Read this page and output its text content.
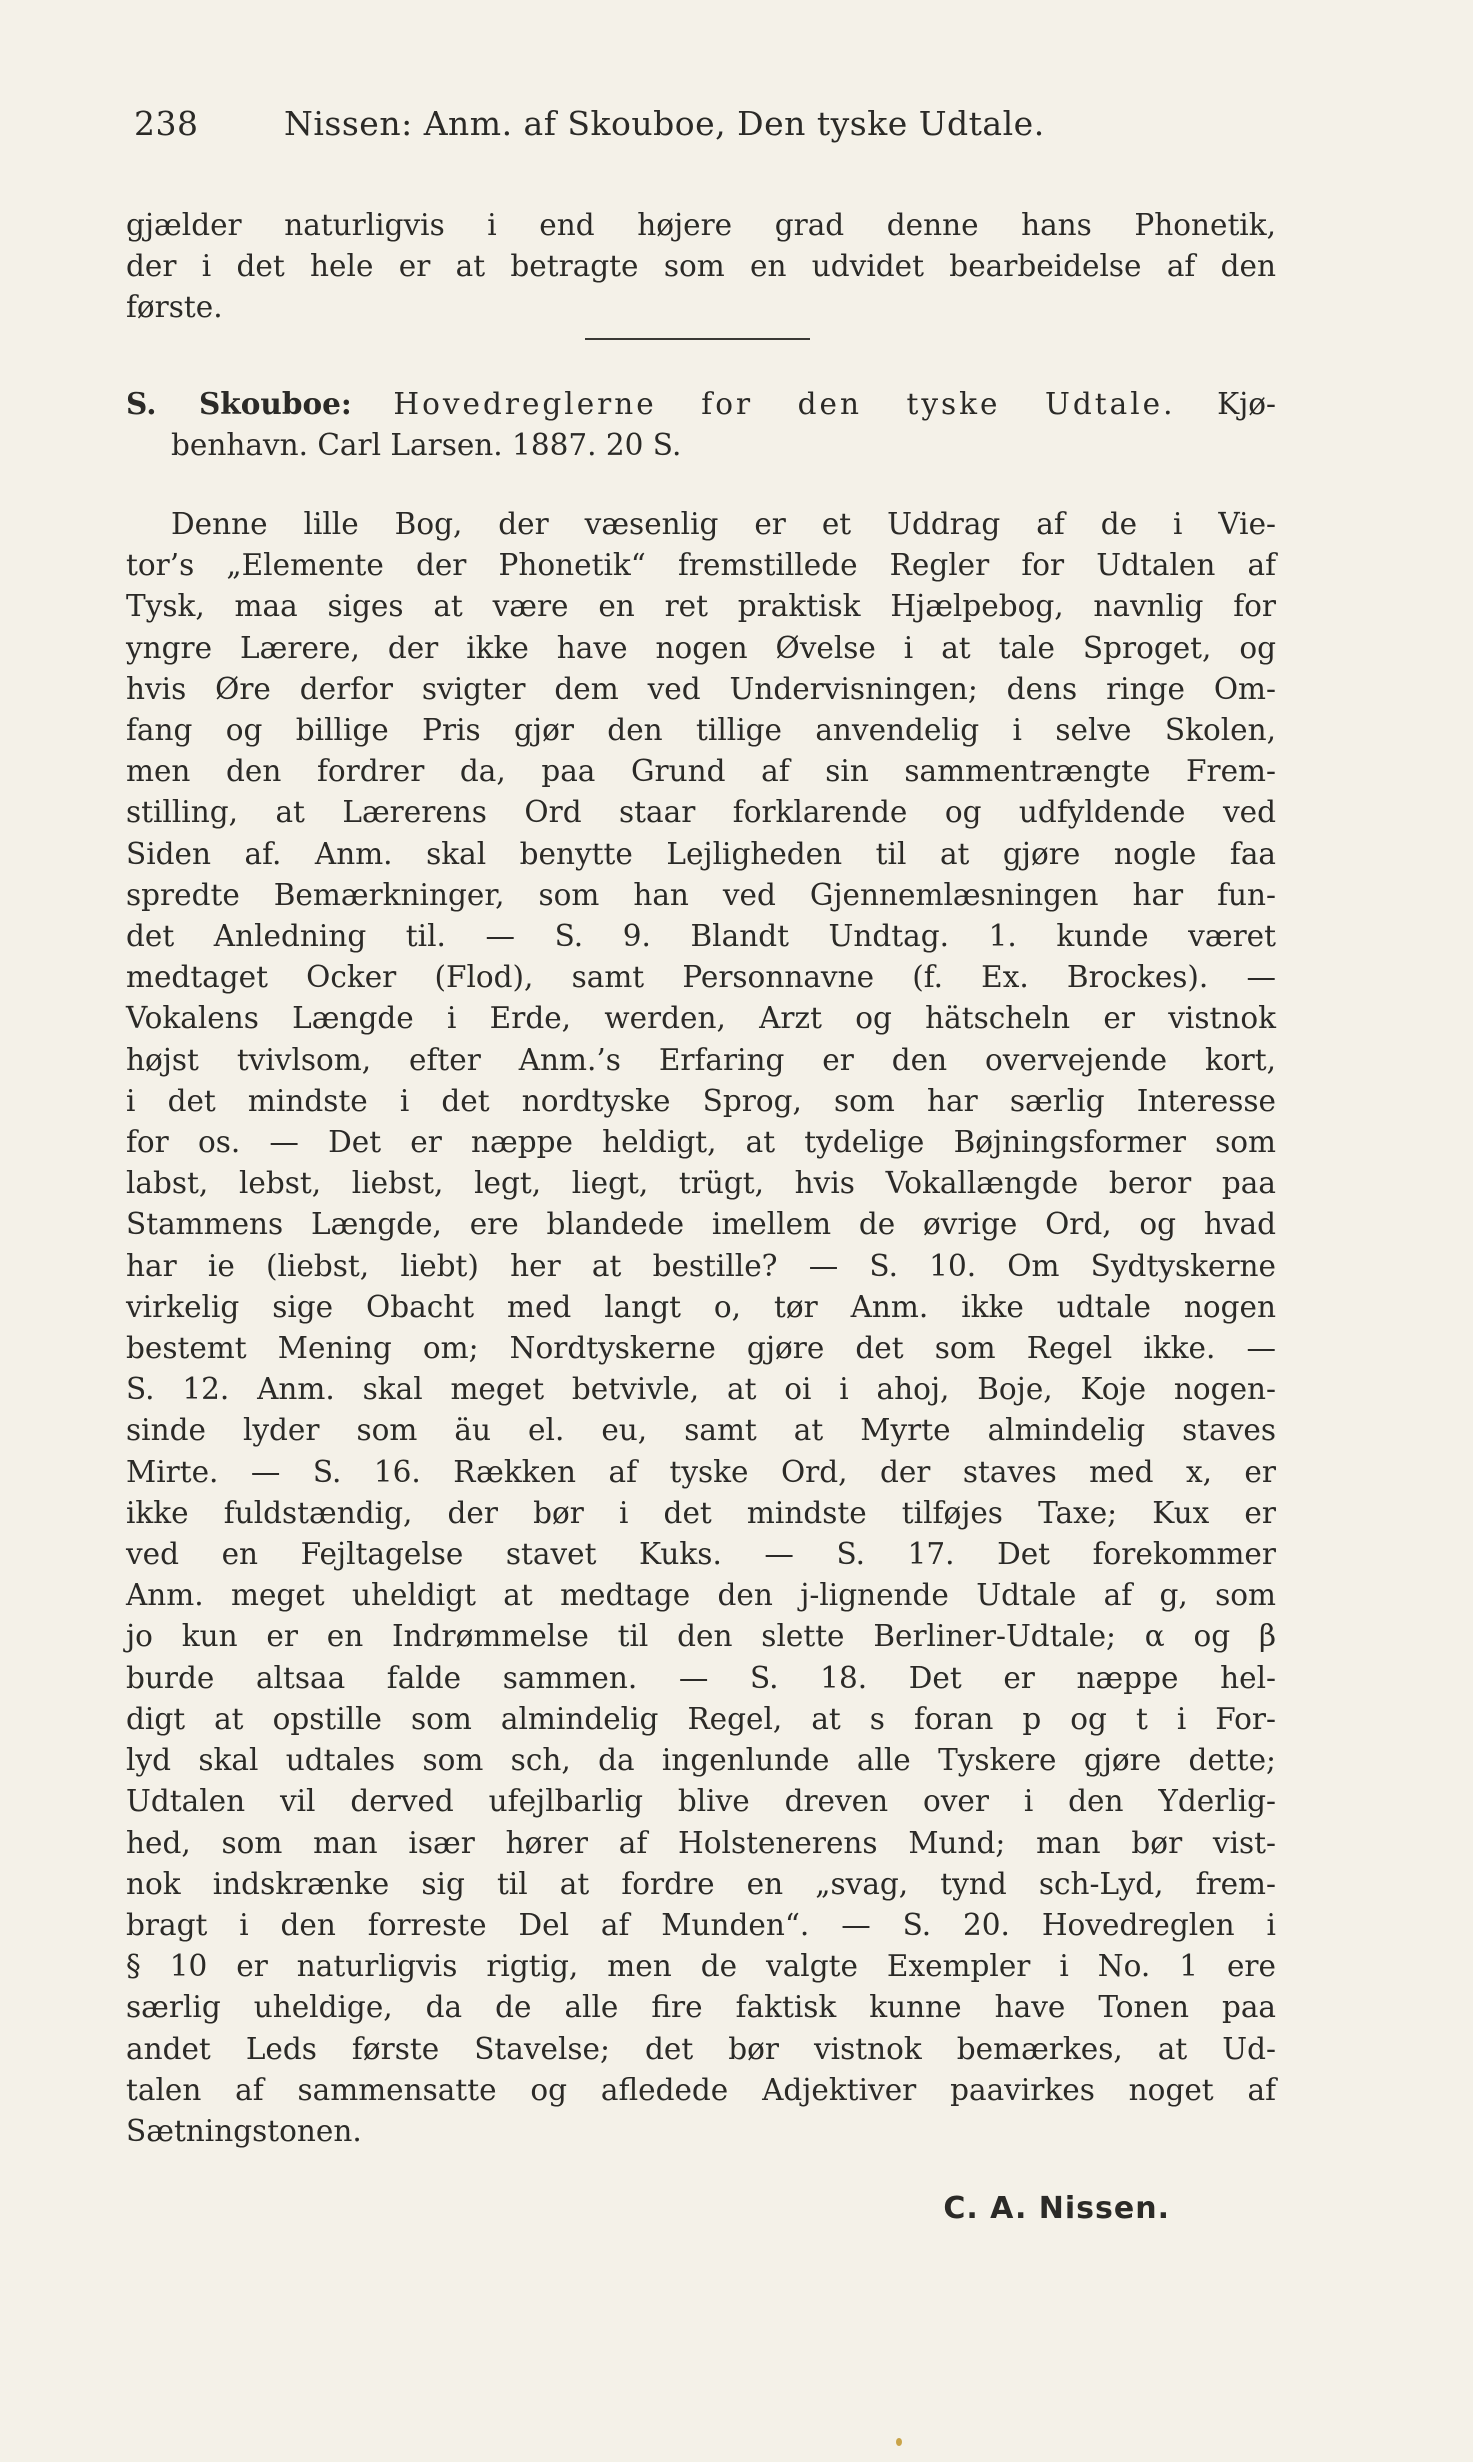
238	Nissen: Anm. af Skouboe, Den tyske Udtale.
gjælder naturligvis i end højere grad denne hans Phonetik,
der i det hele er at betragte som en udvidet bearbeidelse af den
første.
S. Skouboe: Hovedreglerne for den tyske Udtale. Kjø-
benhavn. Carl Larsen. 1887. 20 S.
Denne lille Bog, der væsenlig er et Uddrag af de i Vie-
tor’s „Elemente der Phonetik“ fremstillede Regler for Udtalen af
Tysk, maa siges at være en ret praktisk Hjælpebog, navnlig for
yngre Lærere, der ikke have nogen Øvelse i at tale Sproget, og
hvis Øre derfor svigter dem ved Undervisningen; dens ringe Om-
fang og billige Pris gjør den tillige anvendelig i selve Skolen,
men den fordrer da, paa Grund af sin sammentrængte Frem-
stilling, at Lærerens Ord staar forklarende og udfyldende ved
Siden af. Anm. skal benytte Lejligheden til at gjøre nogle faa
spredte Bemærkninger, som han ved Gjennemlæsningen har fun-
det Anledning til. — S. 9. Blandt Undtag. 1. kunde været
medtaget Ocker (Flod), samt Personnavne (f. Ex. Brockes). —
Vokalens Længde i Erde, werden, Arzt og hätscheln er vistnok
højst tvivlsom, efter Anm.’s Erfaring er den overvejende kort,
i det mindste i det nordtyske Sprog, som har særlig Interesse
for os. — Det er næppe heldigt, at tydelige Bøjningsformer som
labst, lebst, liebst, legt, liegt, trügt, hvis Vokallængde beror paa
Stammens Længde, ere blandede imellem de øvrige Ord, og hvad
har ie (liebst, liebt) her at bestille? — S. 10. Om Sydtyskerne
virkelig sige Obacht med langt o, tør Anm. ikke udtale nogen
bestemt Mening om; Nordtyskerne gjøre det som Regel ikke. —
S. 12. Anm. skal meget betvivle, at oi i ahoj, Boje, Koje nogen-
sinde lyder som äu el. eu, samt at Myrte almindelig staves
Mirte. — S. 16. Rækken af tyske Ord, der staves med x, er
ikke fuldstændig, der bør i det mindste tilføjes Taxe; Kux er
ved en Fejltagelse stavet Kuks. — S. 17. Det forekommer
Anm. meget uheldigt at medtage den j-lignende Udtale af g, som
jo kun er en Indrømmelse til den slette Berliner-Udtale; α og β
burde altsaa falde sammen. — S. 18. Det er næppe hel-
digt at opstille som almindelig Regel, at s foran p og t i For-
lyd skal udtales som sch, da ingenlunde alle Tyskere gjøre dette;
Udtalen vil derved ufejlbarlig blive dreven over i den Yderlig-
hed, som man især hører af Holstenerens Mund; man bør vist-
nok indskrænke sig til at fordre en „svag, tynd sch-Lyd, frem-
bragt i den forreste Del af Munden“. — S. 20. Hovedreglen i
§ 10 er naturligvis rigtig, men de valgte Exempler i No. 1 ere
særlig uheldige, da de alle fire faktisk kunne have Tonen paa
andet Leds første Stavelse; det bør vistnok bemærkes, at Ud-
talen af sammensatte og afledede Adjektiver paavirkes noget af
Sætningstonen.
C. A. Nissen.
